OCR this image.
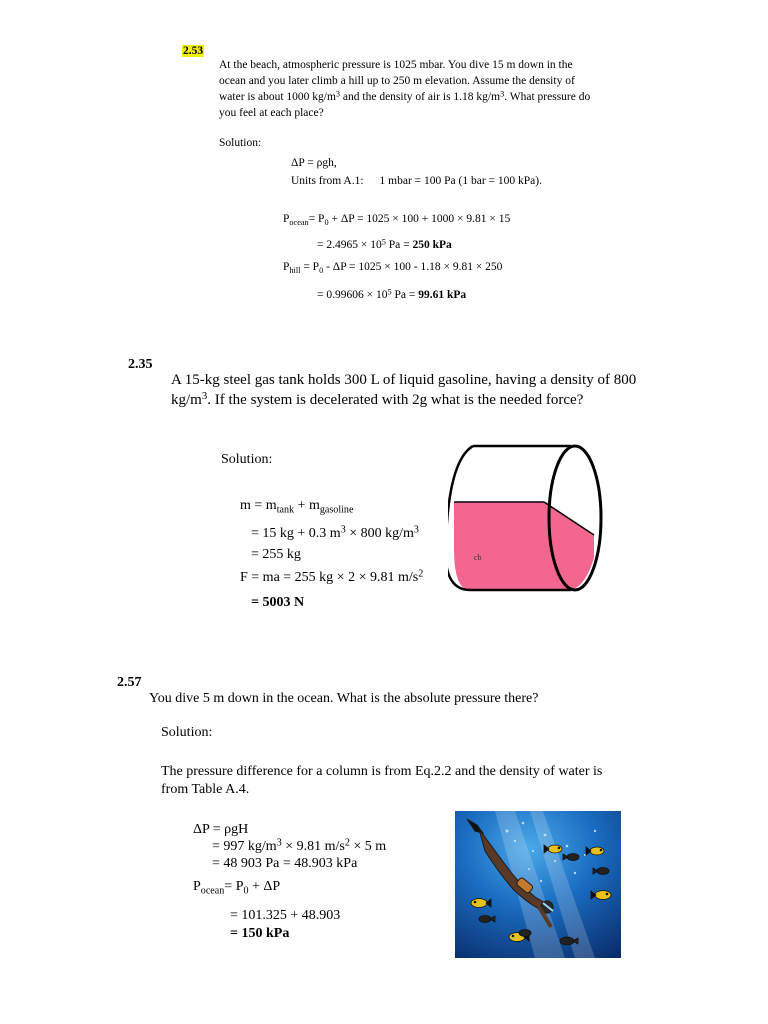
2.53
At the beach, atmospheric pressure is 1025 mbar. You dive 15 m down in the
ocean and you later climb a hill up to 250 m elevation. Assume the density of
water is about 1000 $kg/m^3$ and the density of air is 1.18 $kg/m^3$. What pressure do
you feel at each place?
Solution:
ΔP = ρgh,
Units from A.1: 1 mbar = 100 Pa (1 bar = 100 kPa).
$P_{ocean}= P_0 + \Delta P = 1025 \times 100 + 1000 \times 9.81 \times 15$
= $2.4965 \times 10^5$ Pa = 250 kPa
$P_{hill} = P_0 - \Delta P = 1025 \times 100 - 1.18 \times 9.81 \times 250$
= $0.99606 \times 10^5$ Pa = 99.61 kPa
2.35
A 15-kg steel gas tank holds 300 L of liquid gasoline, having a density of 800
$kg/m^3$. If the system is decelerated with 2g what is the needed force?
Solution:
$m = m_{tank} + m_{gasoline}$
= 15 kg + 0.3 $m^3 \times 800$ $kg/m^3$
= 255 kg
F = ma = 255 kg × 2 × 9.81 $m/s^2$
= 5003 N
cb
2.57
You dive 5 m down in the ocean. What is the absolute pressure there?
Solution:
The pressure difference for a column is from Eq.2.2 and the density of water is
from Table A.4.
ΔP = ρgH
= 997 $kg/m^3 \times 9.81$ $m/s^2 \times 5$ m
= 48 903 Pa = 48.903 kPa
$P_{ocean}= P_0 + \Delta P$
= 101.325 + 48.903
= 150 kPa
